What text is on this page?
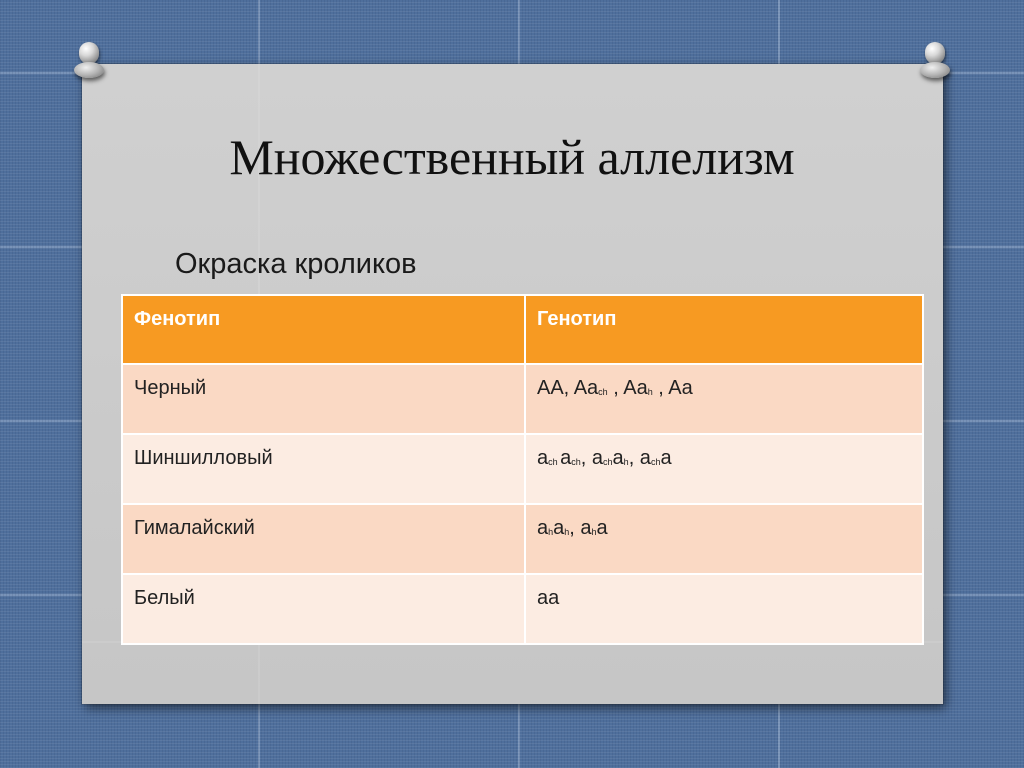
Множественный аллелизм

Окраска кроликов

Фенотип	Генотип
Черный	AA, Aach , Aah , Aa
Шиншилловый	ach ach, achah, acha
Гималайский	ahah, aha
Белый	aa
